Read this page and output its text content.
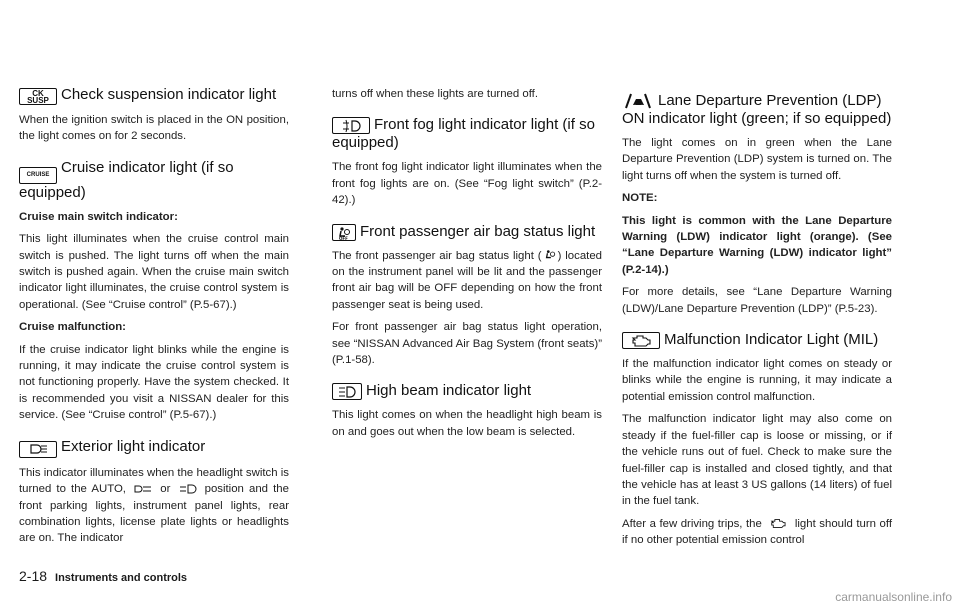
CK
SUSP Check suspension indicator light

When the ignition switch is placed in the ON position, the light comes on for 2 seconds.

CRUISE Cruise indicator light (if so equipped)

Cruise main switch indicator:

This light illuminates when the cruise control main switch is pushed. The light turns off when the main switch is pushed again. When the cruise main switch indicator light illuminates, the cruise control system is operational. (See “Cruise control” (P.5-67).)

Cruise malfunction:

If the cruise indicator light blinks while the engine is running, it may indicate the cruise control system is not functioning properly. Have the system checked. It is recommended you visit a NISSAN dealer for this service. (See “Cruise control” (P.5-67).)

Exterior light indicator

This indicator illuminates when the headlight switch is turned to the AUTO,	or	position and the front parking lights, instrument panel lights, rear combination lights, license plate lights or headlights are on. The indicator

turns off when these lights are turned off.

Front fog light indicator light (if so equipped)

The front fog light indicator light illuminates when the front fog lights are on. (See “Fog light switch” (P.2-42).)

OFF Front passenger air bag status light

The front passenger air bag status light ( ) located on the instrument panel will be lit and the passenger front air bag will be OFF depending on how the front passenger seat is being used.

For front passenger air bag status light operation, see “NISSAN Advanced Air Bag System (front seats)” (P.1-58).

High beam indicator light

This light comes on when the headlight high beam is on and goes out when the low beam is selected.

Lane Departure Prevention (LDP) ON indicator light (green; if so equipped)

The light comes on in green when the Lane Departure Prevention (LDP) system is turned on. The light turns off when the system is turned off.

NOTE:

This light is common with the Lane Departure Warning (LDW) indicator light (orange). (See “Lane Departure Warning (LDW) indicator light” (P.2-14).)

For more details, see “Lane Departure Warning (LDW)/Lane Departure Prevention (LDP)” (P.5-23).

Malfunction Indicator Light (MIL)

If the malfunction indicator light comes on steady or blinks while the engine is running, it may indicate a potential emission control malfunction.

The malfunction indicator light may also come on steady if the fuel-filler cap is loose or missing, or if the vehicle runs out of fuel. Check to make sure the fuel-filler cap is installed and closed tightly, and that the vehicle has at least 3 US gallons (14 liters) of fuel in the fuel tank.

After a few driving trips, the	light should turn off if no other potential emission control

2-18 Instruments and controls
carmanualsonline.info
